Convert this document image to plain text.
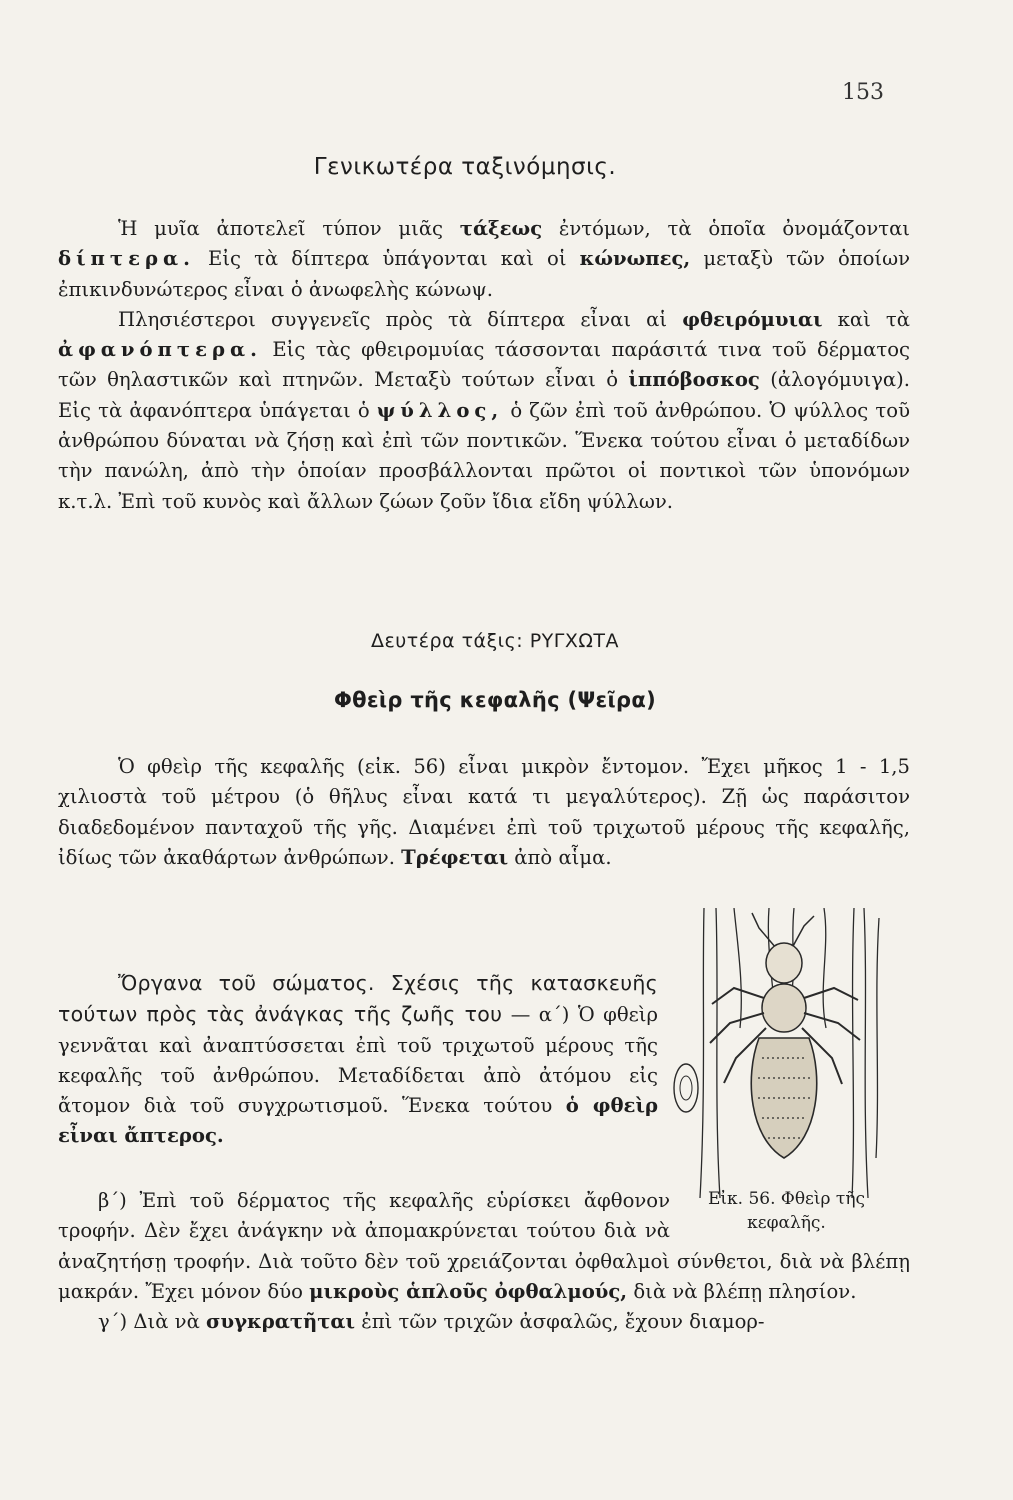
153
Γενικωτέρα ταξινόμησις.

Ἡ μυῖα ἀποτελεῖ τύπον μιᾶς τάξεως ἐντόμων, τὰ ὁποῖα ὀνομάζονται δίπτερα. Εἰς τὰ δίπτερα ὑπάγονται καὶ οἱ κώνωπες, μεταξὺ τῶν ὁποίων ἐπικινδυνώτερος εἶναι ὁ ἀνωφελὴς κώνωψ.

Πλησιέστεροι συγγενεῖς πρὸς τὰ δίπτερα εἶναι αἱ φθειρόμυιαι καὶ τὰ ἀφανόπτερα. Εἰς τὰς φθειρομυίας τάσσονται παράσιτά τινα τοῦ δέρματος τῶν θηλαστικῶν καὶ πτηνῶν. Μεταξὺ τούτων εἶναι ὁ ἱππόβοσκος (ἀλογόμυιγα). Εἰς τὰ ἀφανόπτερα ὑπάγεται ὁ ψύλλος, ὁ ζῶν ἐπὶ τοῦ ἀνθρώπου. Ὁ ψύλλος τοῦ ἀνθρώπου δύναται νὰ ζήσῃ καὶ ἐπὶ τῶν ποντικῶν. Ἕνεκα τούτου εἶναι ὁ μεταδίδων τὴν πανώλη, ἀπὸ τὴν ὁποίαν προσβάλλονται πρῶτοι οἱ ποντικοὶ τῶν ὑπονόμων κ.τ.λ. Ἐπὶ τοῦ κυνὸς καὶ ἄλλων ζώων ζοῦν ἴδια εἴδη ψύλλων.

Δευτέρα τάξις: ΡΥΓΧΩΤΑ
Φθεὶρ τῆς κεφαλῆς (Ψεῖρα)

Ὁ φθεὶρ τῆς κεφαλῆς (εἰκ. 56) εἶναι μικρὸν ἔντομον. Ἔχει μῆκος 1 - 1,5 χιλιοστὰ τοῦ μέτρου (ὁ θῆλυς εἶναι κατά τι μεγαλύτερος). Ζῇ ὡς παράσιτον διαδεδομένον πανταχοῦ τῆς γῆς. Διαμένει ἐπὶ τοῦ τριχωτοῦ μέρους τῆς κεφαλῆς, ἰδίως τῶν ἀκαθάρτων ἀνθρώπων. Τρέφεται ἀπὸ αἷμα.

Ὄργανα τοῦ σώματος. Σχέσις τῆς κατασκευῆς τούτων πρὸς τὰς ἀνάγκας τῆς ζωῆς του — α΄) Ὁ φθεὶρ γεννᾶται καὶ ἀναπτύσσεται ἐπὶ τοῦ τριχωτοῦ μέρους τῆς κεφαλῆς τοῦ ἀνθρώπου. Μεταδίδεται ἀπὸ ἀτόμου εἰς ἄτομον διὰ τοῦ συγχρωτισμοῦ. Ἕνεκα τούτου ὁ φθεὶρ εἶναι ἄπτερος.

Εἰκ. 56. Φθεὶρ τῆς κεφαλῆς.

β΄) Ἐπὶ τοῦ δέρματος τῆς κεφαλῆς εὑρίσκει ἄφθονον τροφήν. Δὲν ἔχει ἀνάγκην νὰ ἀπομακρύνεται τούτου διὰ νὰ ἀναζητήσῃ τροφήν. Διὰ τοῦτο δὲν τοῦ χρειάζονται ὀφθαλμοὶ σύνθετοι, διὰ νὰ βλέπῃ μακράν. Ἔχει μόνον δύο μικροὺς ἁπλοῦς ὀφθαλμούς, διὰ νὰ βλέπῃ πλησίον.

γ΄) Διὰ νὰ συγκρατῆται ἐπὶ τῶν τριχῶν ἀσφαλῶς, ἔχουν διαμορ-
